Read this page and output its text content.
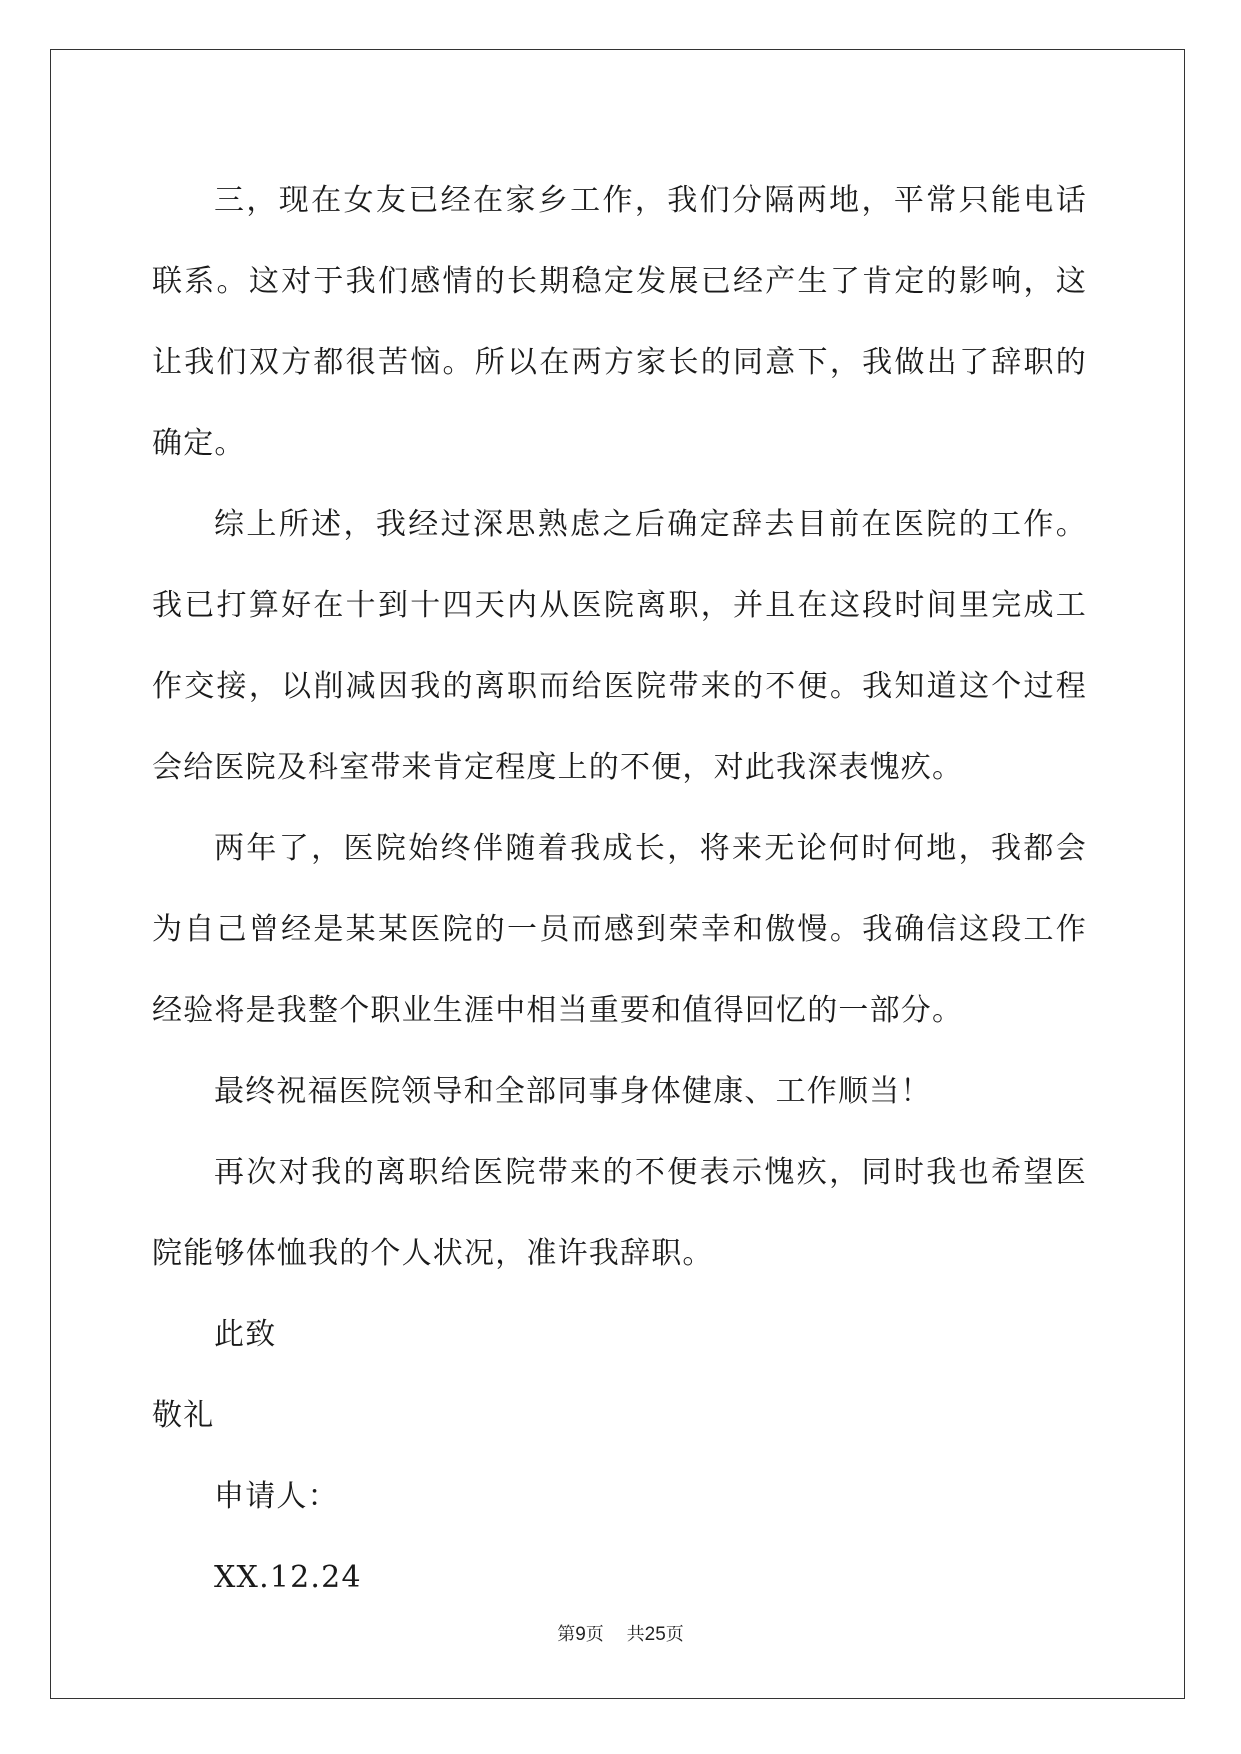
三，现在女友已经在家乡工作，我们分隔两地，平常只能电话联系。这对于我们感情的长期稳定发展已经产生了肯定的影响，这让我们双方都很苦恼。所以在两方家长的同意下，我做出了辞职的确定。

综上所述，我经过深思熟虑之后确定辞去目前在医院的工作。我已打算好在十到十四天内从医院离职，并且在这段时间里完成工作交接，以削减因我的离职而给医院带来的不便。我知道这个过程会给医院及科室带来肯定程度上的不便，对此我深表愧疚。

两年了，医院始终伴随着我成长，将来无论何时何地，我都会为自己曾经是某某医院的一员而感到荣幸和傲慢。我确信这段工作经验将是我整个职业生涯中相当重要和值得回忆的一部分。

最终祝福医院领导和全部同事身体健康、工作顺当！

再次对我的离职给医院带来的不便表示愧疚，同时我也希望医院能够体恤我的个人状况，准许我辞职。

此致

敬礼

申请人：

XX.12.24

第9页 共25页
